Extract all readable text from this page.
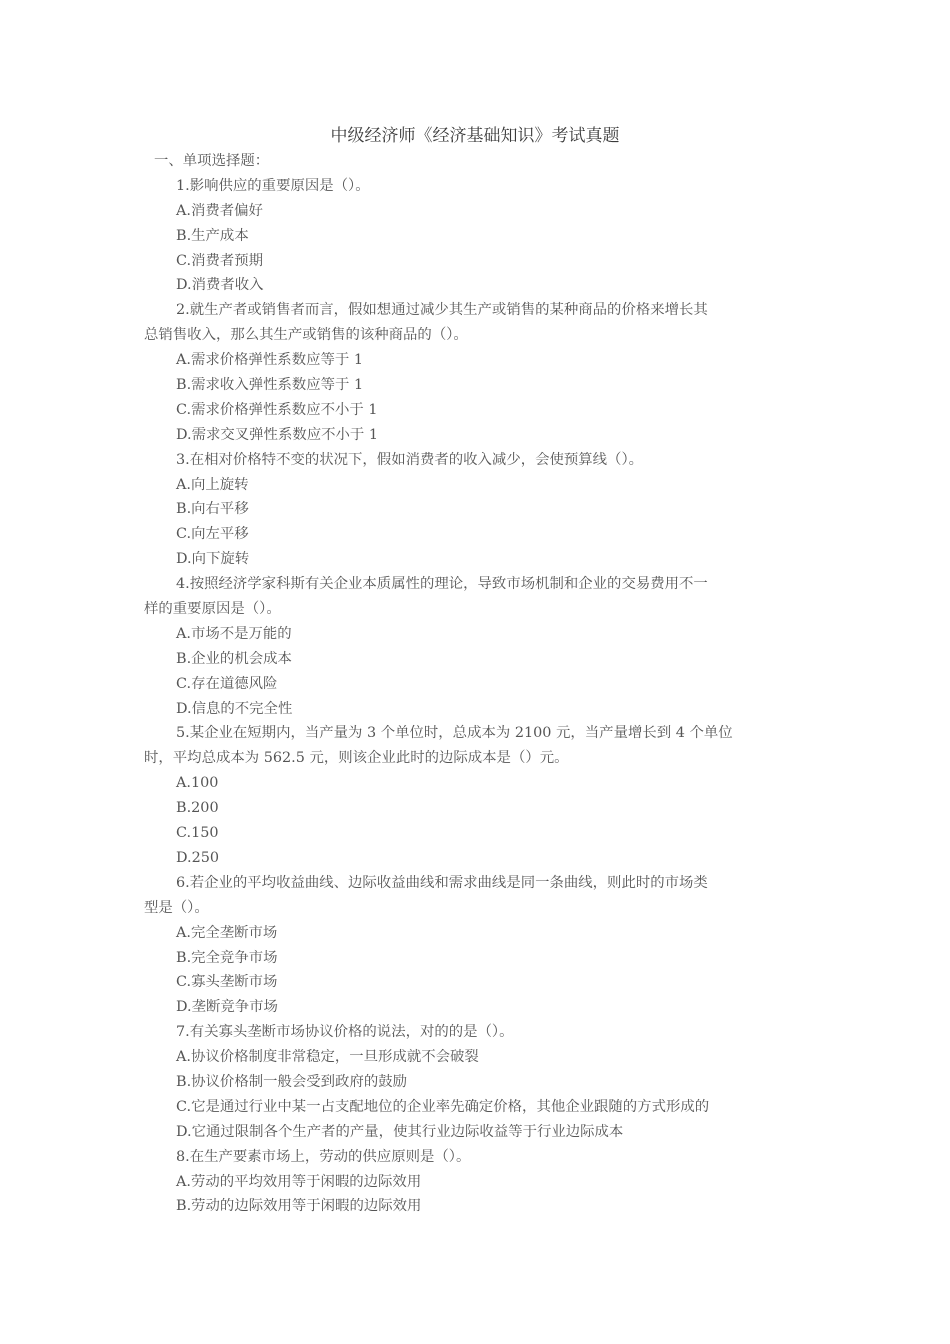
中级经济师《经济基础知识》考试真题

一、单项选择题：

1.影响供应的重要原因是（）。

A.消费者偏好

B.生产成本

C.消费者预期

D.消费者收入

2.就生产者或销售者而言，假如想通过减少其生产或销售的某种商品的价格来增长其

总销售收入，那么其生产或销售的该种商品的（）。

A.需求价格弹性系数应等于 1

B.需求收入弹性系数应等于 1

C.需求价格弹性系数应不小于 1

D.需求交叉弹性系数应不小于 1

3.在相对价格特不变的状况下，假如消费者的收入减少，会使预算线（）。

A.向上旋转

B.向右平移

C.向左平移

D.向下旋转

4.按照经济学家科斯有关企业本质属性的理论，导致市场机制和企业的交易费用不一

样的重要原因是（）。

A.市场不是万能的

B.企业的机会成本

C.存在道德风险

D.信息的不完全性

5.某企业在短期内，当产量为 3 个单位时，总成本为 2100 元，当产量增长到 4 个单位

时，平均总成本为 562.5 元，则该企业此时的边际成本是（）元。

A.100

B.200

C.150

D.250

6.若企业的平均收益曲线、边际收益曲线和需求曲线是同一条曲线，则此时的市场类

型是（）。

A.完全垄断市场

B.完全竞争市场

C.寡头垄断市场

D.垄断竞争市场

7.有关寡头垄断市场协议价格的说法，对的的是（）。

A.协议价格制度非常稳定，一旦形成就不会破裂

B.协议价格制一般会受到政府的鼓励

C.它是通过行业中某一占支配地位的企业率先确定价格，其他企业跟随的方式形成的

D.它通过限制各个生产者的产量，使其行业边际收益等于行业边际成本

8.在生产要素市场上，劳动的供应原则是（）。

A.劳动的平均效用等于闲暇的边际效用

B.劳动的边际效用等于闲暇的边际效用
